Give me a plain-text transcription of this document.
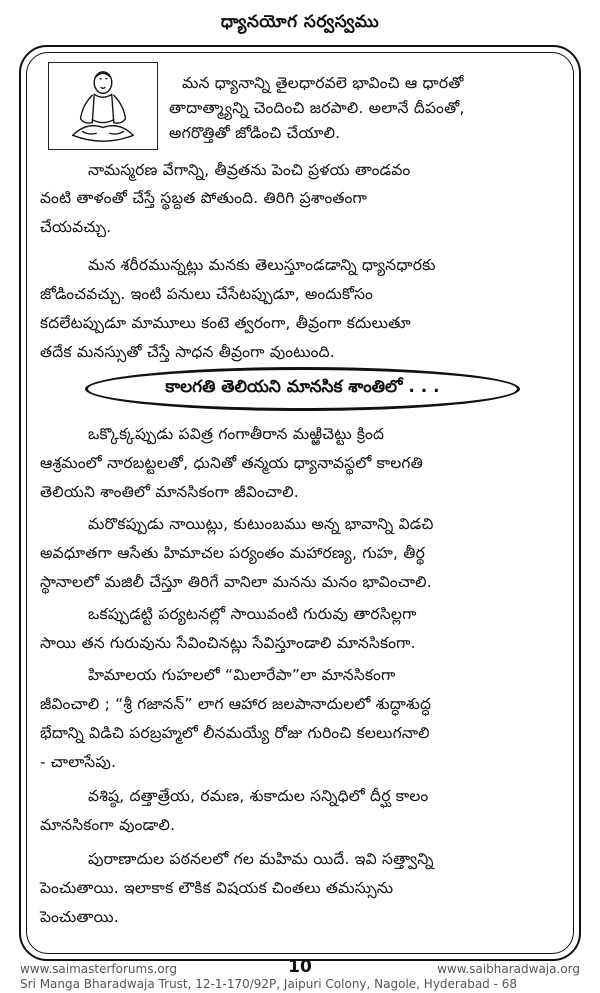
ధ్యానయోగ సర్వస్వము
మన ధ్యానాన్ని తైలధారవలె భావించి ఆ ధారతో
తాదాత్మ్యాన్ని చెందించి జరపాలి. అలానే దీపంతో,
అగరొత్తితో జోడించి చేయాలి.
నామస్మరణ వేగాన్ని, తీవ్రతను పెంచి ప్రళయ తాండవం
వంటి తాళంతో చేస్తే స్థబ్దత పోతుంది. తిరిగి ప్రశాంతంగా
చేయవచ్చు.
మన శరీరమున్నట్లు మనకు తెలుస్తూండడాన్ని ధ్యానధారకు
జోడించవచ్చు. ఇంటి పనులు చేసేటప్పుడూ, అందుకోసం
కదలేటప్పుడూ మామూలు కంటె త్వరంగా, తీవ్రంగా కదులుతూ
తదేక మనస్సుతో చేస్తే సాధన తీవ్రంగా వుంటుంది.
కాలగతి తెలియని మానసిక శాంతిలో . . .
ఒక్కొక్కప్పుడు పవిత్ర గంగాతీరాన మఱ్ఱిచెట్టు క్రింద
ఆశ్రమంలో నారబట్టలతో, ధునితో తన్మయ ధ్యానావస్థలో కాలగతి
తెలియని శాంతిలో మానసికంగా జీవించాలి.
మరొకప్పుడు నాయిట్లు, కుటుంబము అన్న భావాన్ని విడచి
అవధూతగా ఆసేతు హిమాచల పర్యంతం మహారణ్య, గుహ, తీర్థ
స్థానాలలో మజిలీ చేస్తూ తిరిగే వానిలా మనను మనం భావించాలి.
ఒకప్పుడట్టి పర్యటనల్లో సాయివంటి గురువు తారసిల్లగా
సాయి తన గురువును సేవించినట్లు సేవిస్తూండాలి మానసికంగా.
హిమాలయ గుహలలో “మిలారేపా”లా మానసికంగా
జీవించాలి ; “శ్రీ గజానన్” లాగ ఆహార జలపానాదులలో శుద్ధాశుద్ధ
భేదాన్ని విడిచి పరబ్రహ్మలో లీనమయ్యే రోజు గురించి కలలుగనాలి
- చాలాసేపు.
వశిష్ఠ, దత్తాత్రేయ, రమణ, శుకాదుల సన్నిధిలో దీర్ఘ కాలం
మానసికంగా వుండాలి.
పురాణాదుల పఠనలలో గల మహిమ యిదే. ఇవి సత్త్వాన్ని
పెంచుతాయి. ఇలాకాక లౌకిక విషయక చింతలు తమస్సును
పెంచుతాయి.
www.saimasterforums.org	10	www.saibharadwaja.org
Sri Manga Bharadwaja Trust, 12-1-170/92P, Jaipuri Colony, Nagole, Hyderabad - 68
